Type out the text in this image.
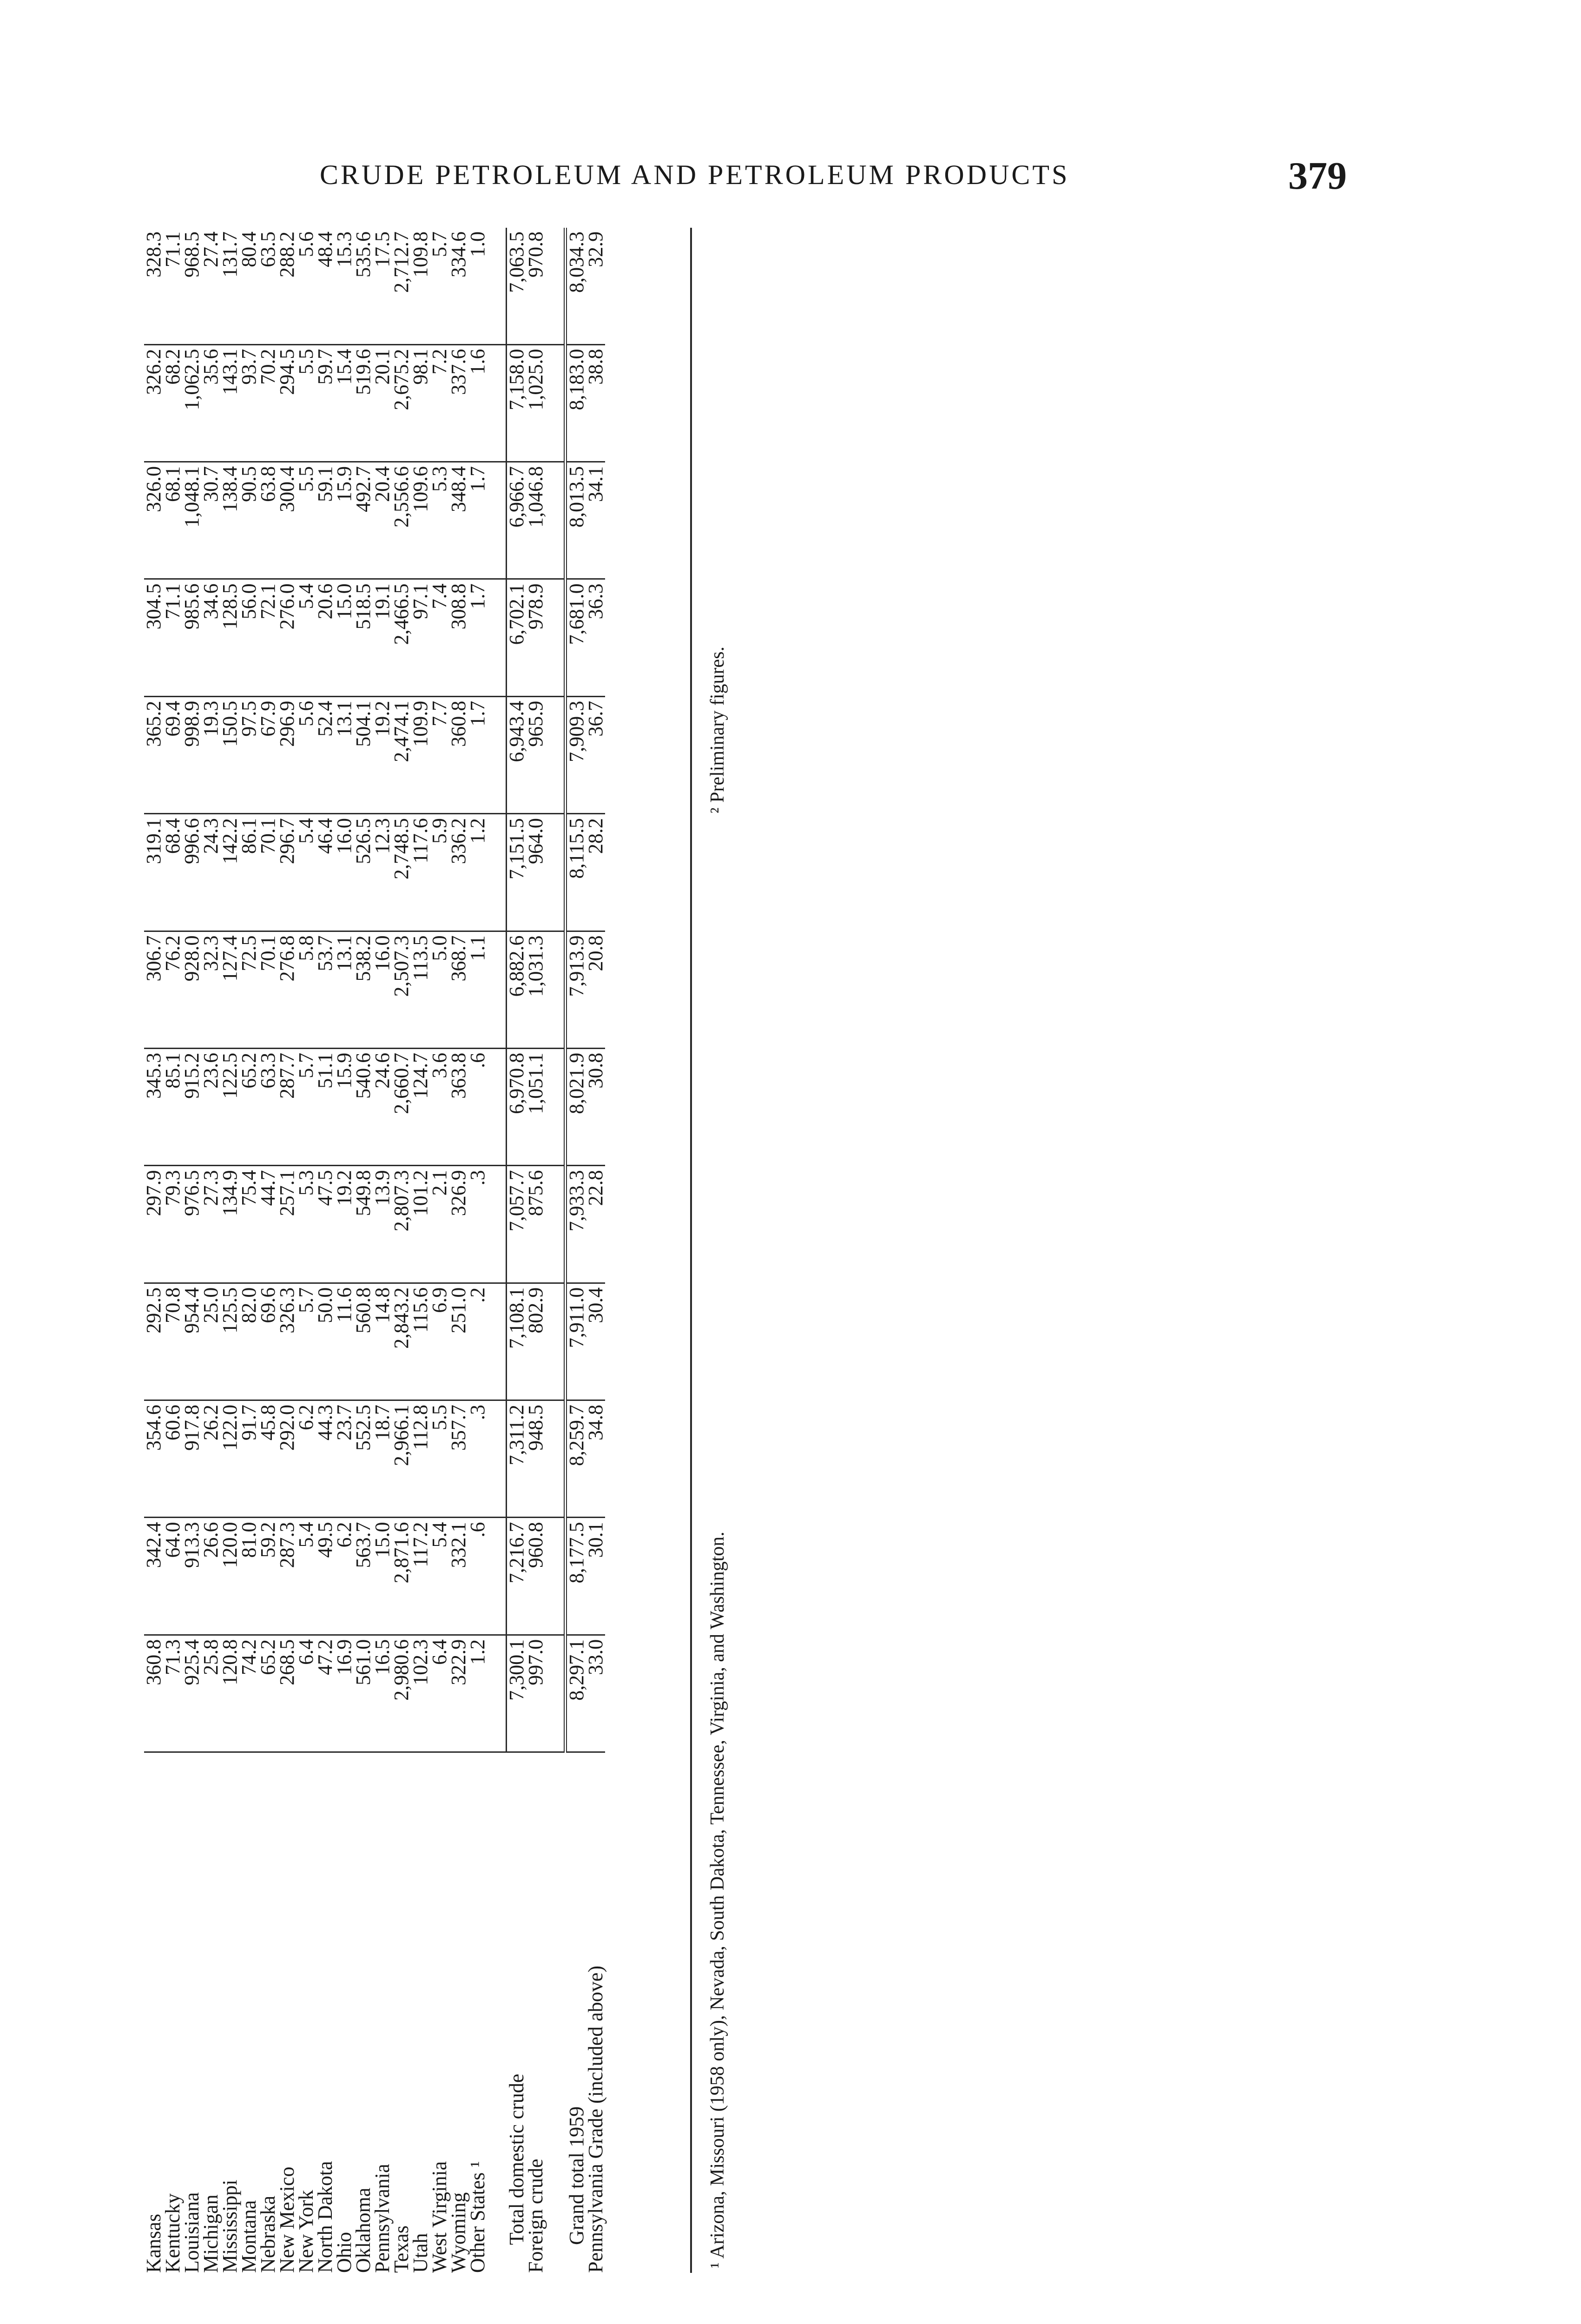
CRUDE PETROLEUM AND PETROLEUM PRODUCTS	379
Kansas	360.8	342.4	354.6	292.5	297.9	345.3	306.7	319.1	365.2	304.5	326.0	326.2	328.3
Kentucky	71.3	64.0	60.6	70.8	79.3	85.1	76.2	68.4	69.4	71.1	68.1	68.2	71.1
Louisiana	925.4	913.3	917.8	954.4	976.5	915.2	928.0	996.6	998.9	985.6	1,048.1	1,062.5	968.5
Michigan	25.8	26.6	26.2	25.0	27.3	23.6	32.3	24.3	19.3	34.6	30.7	35.6	27.4
Mississippi	120.8	120.0	122.0	125.5	134.9	122.5	127.4	142.2	150.5	128.5	138.4	143.1	131.7
Montana	74.2	81.0	91.7	82.0	75.4	65.2	72.5	86.1	97.5	56.0	90.5	93.7	80.4
Nebraska	65.2	59.2	45.8	69.6	44.7	63.3	70.1	70.1	67.9	72.1	63.8	70.2	63.5
New Mexico	268.5	287.3	292.0	326.3	257.1	287.7	276.8	296.7	296.9	276.0	300.4	294.5	288.2
New York	6.4	5.4	6.2	5.7	5.3	5.7	5.8	5.4	5.6	5.4	5.5	5.5	5.6
North Dakota	47.2	49.5	44.3	50.0	47.5	51.1	53.7	46.4	52.4	20.6	59.1	59.7	48.4
Ohio	16.9	6.2	23.7	11.6	19.2	15.9	13.1	16.0	13.1	15.0	15.9	15.4	15.3
Oklahoma	561.0	563.7	552.5	560.8	549.8	540.6	538.2	526.5	504.1	518.5	492.7	519.6	535.6
Pennsylvania	16.5	15.0	18.7	14.8	13.9	24.6	16.0	12.3	19.2	19.1	20.4	20.1	17.5
Texas	2,980.6	2,871.6	2,966.1	2,843.2	2,807.3	2,660.7	2,507.3	2,748.5	2,474.1	2,466.5	2,556.6	2,675.2	2,712.7
Utah	102.3	117.2	112.8	115.6	101.2	124.7	113.5	117.6	109.9	97.1	109.6	98.1	109.8
West Virginia	6.4	5.4	5.5	6.9	2.1	3.6	5.0	5.9	7.7	7.4	5.3	7.2	5.7
Wyoming	322.9	332.1	357.7	251.0	326.9	363.8	368.7	336.2	360.8	308.8	348.4	337.6	334.6
Other States ¹	1.2	.6	.3	.2	.3	.6	1.1	1.2	1.7	1.7	1.7	1.6	1.0

Total domestic crude	7,300.1	7,216.7	7,311.2	7,108.1	7,057.7	6,970.8	6,882.6	7,151.5	6,943.4	6,702.1	6,966.7	7,158.0	7,063.5
Foreign crude	997.0	960.8	948.5	802.9	875.6	1,051.1	1,031.3	964.0	965.9	978.9	1,046.8	1,025.0	970.8

Grand total 1959	8,297.1	8,177.5	8,259.7	7,911.0	7,933.3	8,021.9	7,913.9	8,115.5	7,909.3	7,681.0	8,013.5	8,183.0	8,034.3
Pennsylvania Grade (included above)	33.0	30.1	34.8	30.4	22.8	30.8	20.8	28.2	36.7	36.3	34.1	38.8	32.9
¹ Arizona, Missouri (1958 only), Nevada, South Dakota, Tennessee, Virginia, and Washington.
² Preliminary figures.
